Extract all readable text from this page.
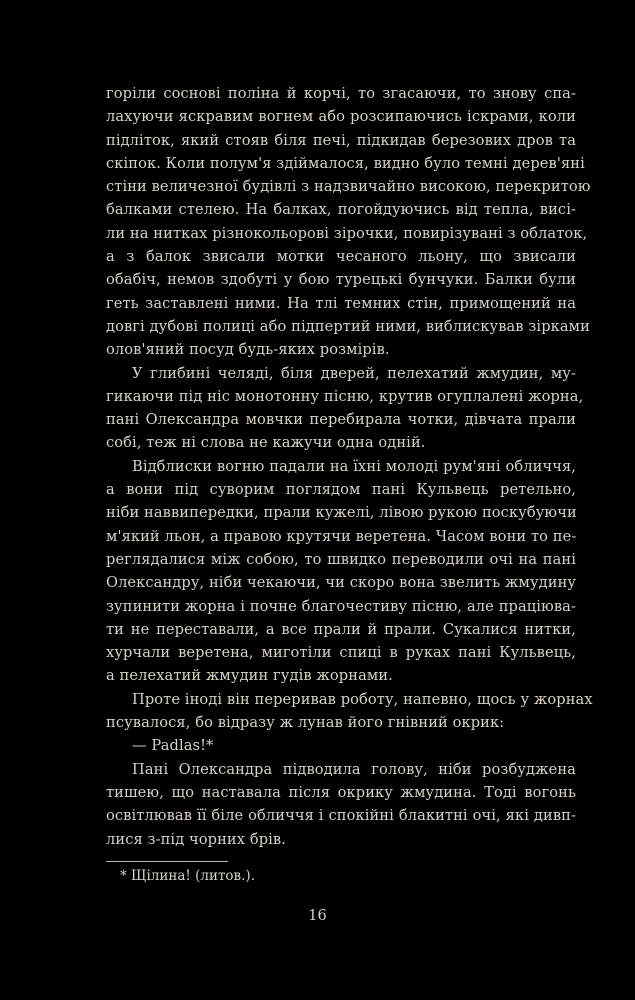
горіли соснові поліна й корчі, то згасаючи, то знову спа-
лахуючи яскравим вогнем або розсипаючись іскрами, коли
підліток, який стояв біля печі, підкидав березових дров та
скіпок. Коли полум'я здіймалося, видно було темні дерев'яні
стіни величезної будівлі з надзвичайно високою, перекритою
балками стелею. На балках, погойдуючись від тепла, висі-
ли на нитках різнокольорові зірочки, повирізувані з облаток,
а з балок звисали мотки чесаного льону, що звисали
обабіч, немов здобуті у бою турецькі бунчуки. Балки були
геть заставлені ними. На тлі темних стін, примощений на
довгі дубові полиці або підпертий ними, виблискував зірками
олов'яний посуд будь-яких розмірів.
У глибині челяді, біля дверей, пелехатий жмудин, му-
гикаючи під ніс монотонну пісню, крутив огуплалені жорна,
пані Олександра мовчки перебирала чотки, дівчата прали
собі, теж ні слова не кажучи одна одній.
Відблиски вогню падали на їхні молоді рум'яні обличчя,
а вони під суворим поглядом пані Кульвець ретельно,
ніби наввипередки, прали кужелі, лівою рукою поскубуючи
м'який льон, а правою крутячи веретена. Часом вони то пе-
реглядалися між собою, то швидко переводили очі на пані
Олександру, ніби чекаючи, чи скоро вона звелить жмудину
зупинити жорна і почне благочестиву пісню, але праціюва-
ти не переставали, а все прали й прали. Сукалися нитки,
хурчали веретена, миготіли спиці в руках пані Кульвець,
а пелехатий жмудин гудів жорнами.
Проте іноді він переривав роботу, напевно, щось у жорнах
псувалося, бо відразу ж лунав його гнівний окрик:
— Padlas!*
Пані Олександра підводила голову, ніби розбуджена
тишею, що наставала після окрику жмудина. Тоді вогонь
освітлював її біле обличчя і спокійні блакитні очі, які дивп-
лися з-під чорних брів.
* Щілина! (литов.).
16
